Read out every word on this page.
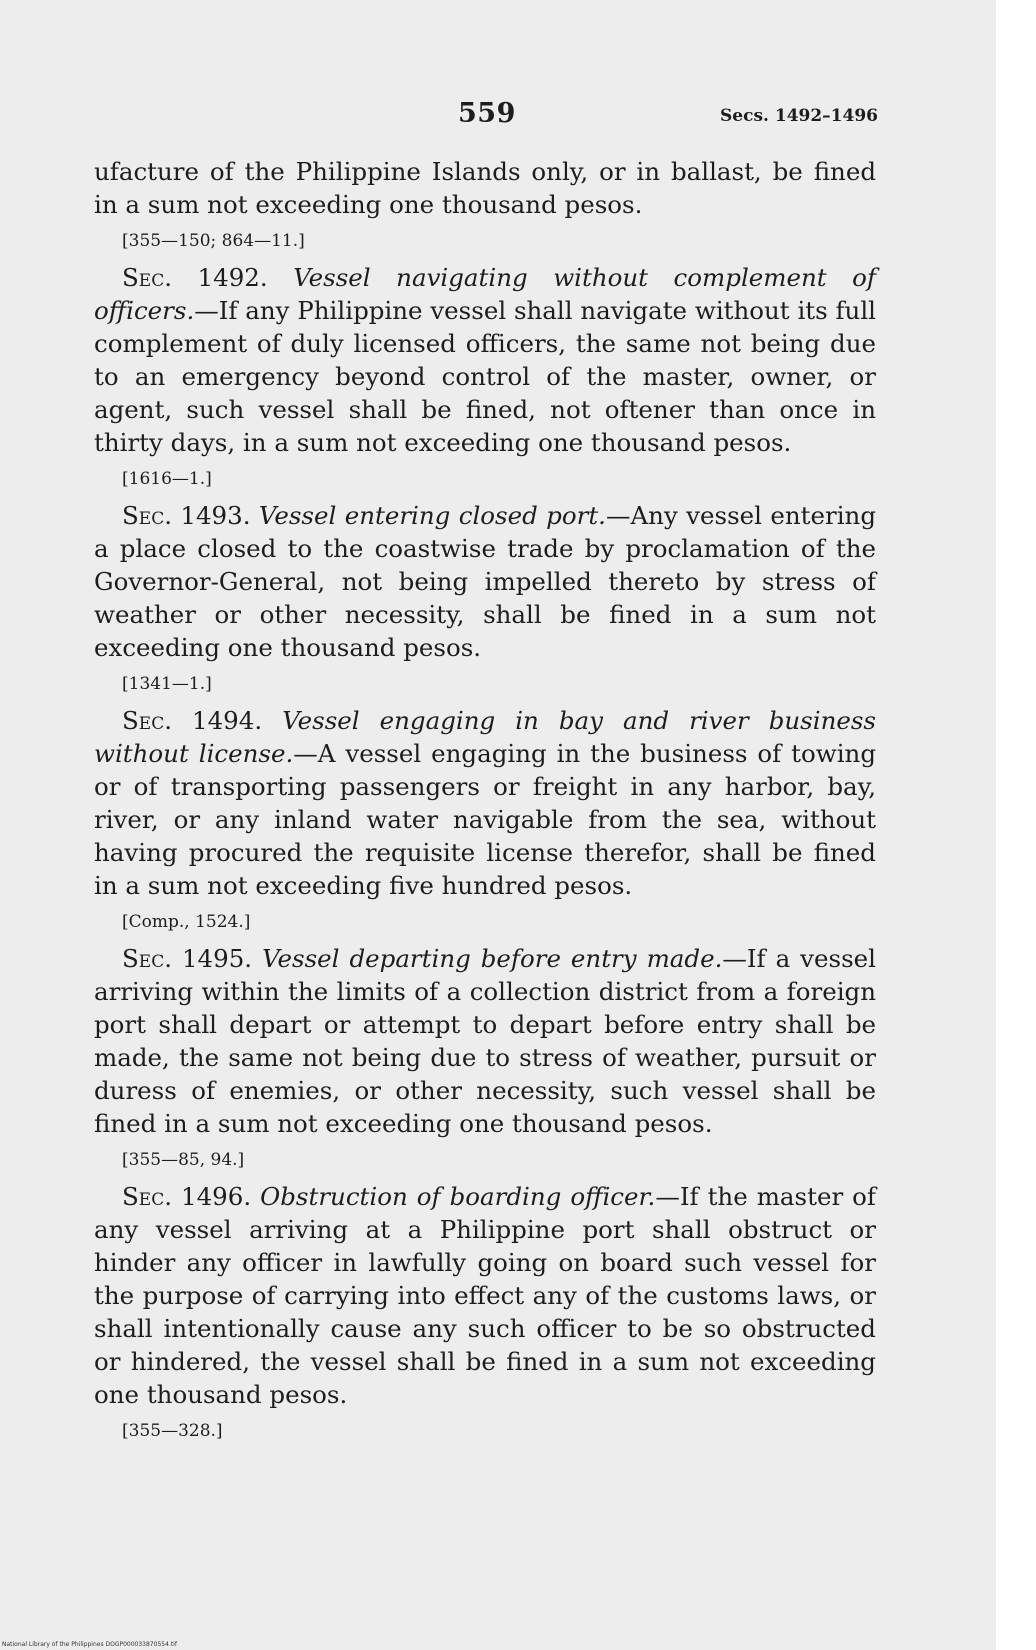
559	Secs. 1492–1496

ufacture of the Philippine Islands only, or in ballast, be fined in a sum not exceeding one thousand pesos.

[355—150; 864—11.]

Sec. 1492. Vessel navigating without complement of officers.—If any Philippine vessel shall navigate without its full complement of duly licensed officers, the same not being due to an emergency beyond control of the master, owner, or agent, such vessel shall be fined, not oftener than once in thirty days, in a sum not exceeding one thousand pesos.

[1616—1.]

Sec. 1493. Vessel entering closed port.—Any vessel entering a place closed to the coastwise trade by proclamation of the Governor-General, not being impelled thereto by stress of weather or other necessity, shall be fined in a sum not exceeding one thousand pesos.

[1341—1.]

Sec. 1494. Vessel engaging in bay and river business without license.—A vessel engaging in the business of towing or of transporting passengers or freight in any harbor, bay, river, or any inland water navigable from the sea, without having procured the requisite license therefor, shall be fined in a sum not exceeding five hundred pesos.

[Comp., 1524.]

Sec. 1495. Vessel departing before entry made.—If a vessel arriving within the limits of a collection district from a foreign port shall depart or attempt to depart before entry shall be made, the same not being due to stress of weather, pursuit or duress of enemies, or other necessity, such vessel shall be fined in a sum not exceeding one thousand pesos.

[355—85, 94.]

Sec. 1496. Obstruction of boarding officer.—If the master of any vessel arriving at a Philippine port shall obstruct or hinder any officer in lawfully going on board such vessel for the purpose of carrying into effect any of the customs laws, or shall intentionally cause any such officer to be so obstructed or hindered, the vessel shall be fined in a sum not exceeding one thousand pesos.

[355—328.]

National Library of the Philippines DOGP000033870554.tif
